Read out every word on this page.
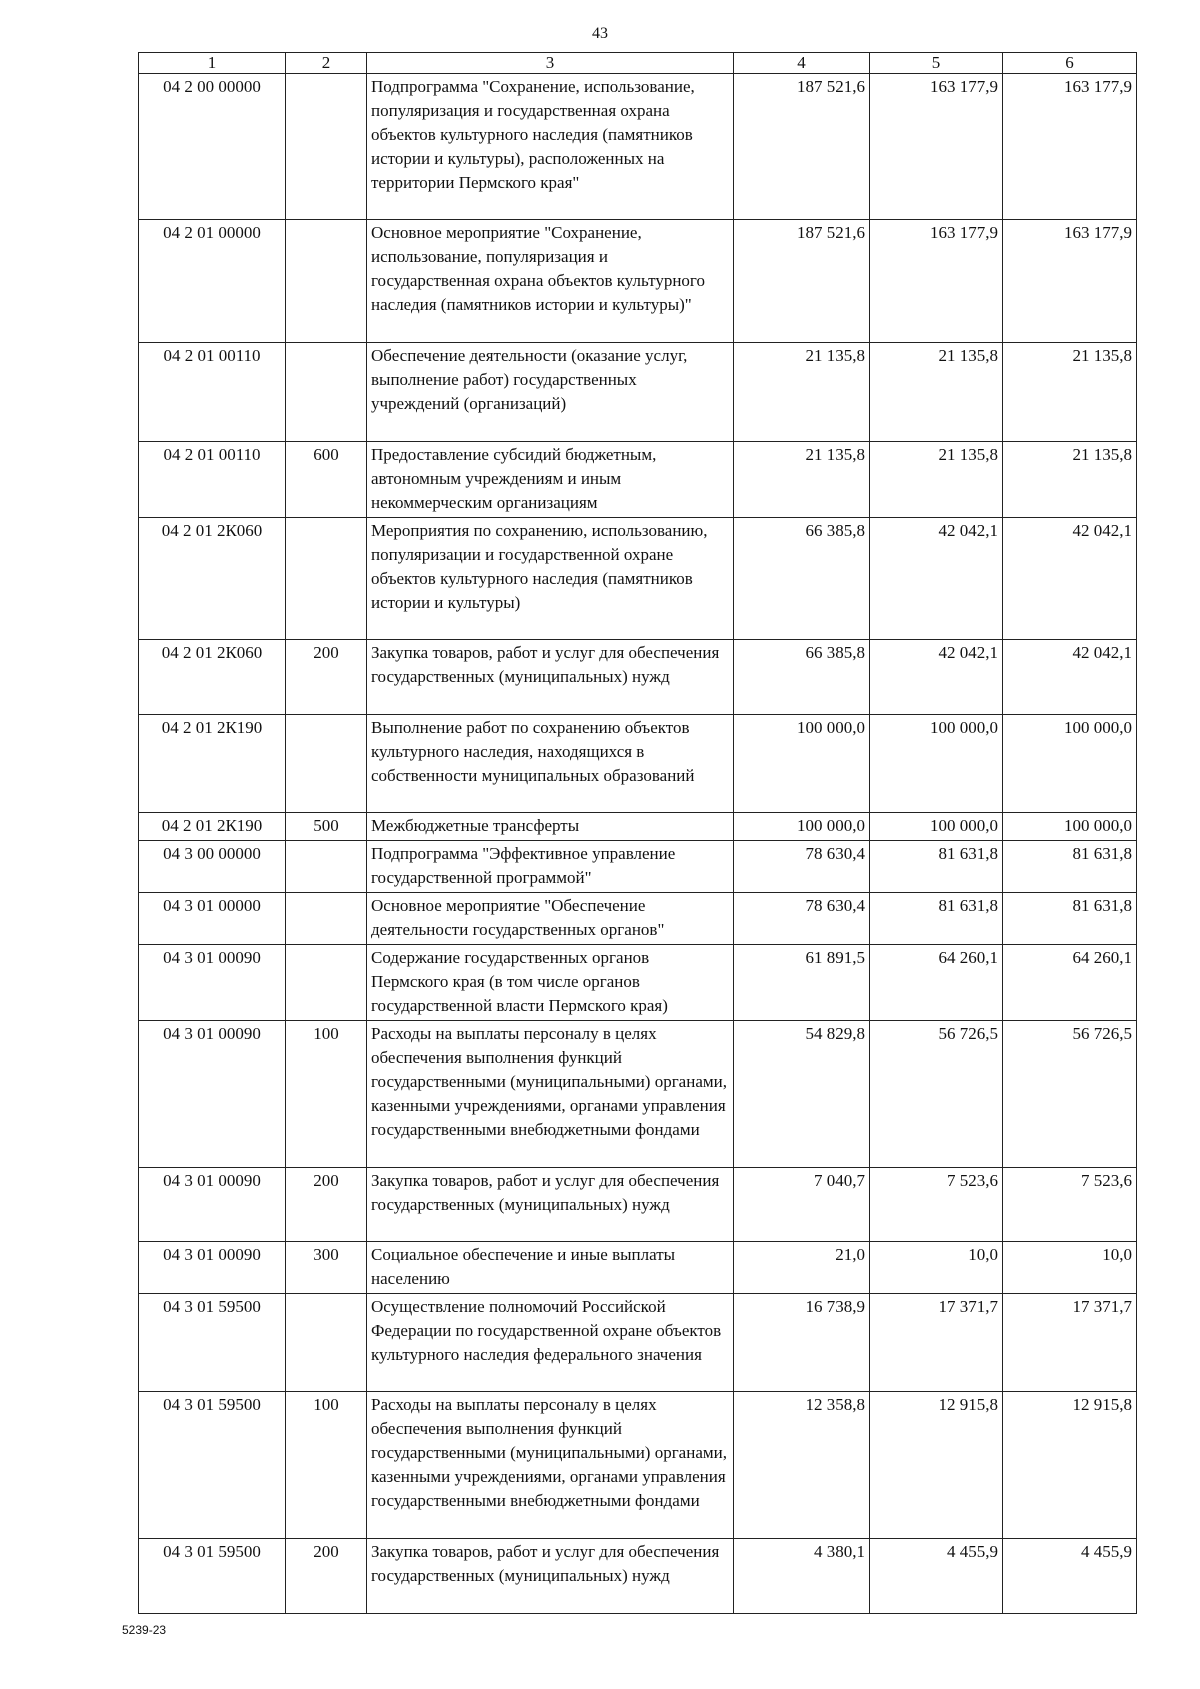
43
1	2	3	4	5	6
04 2 00 00000		Подпрограмма "Сохранение, использование, популяризация и государственная охрана объектов культурного наследия (памятников истории и культуры), расположенных на территории Пермского края"	187 521,6	163 177,9	163 177,9
04 2 01 00000		Основное мероприятие "Сохранение, использование, популяризация и государственная охрана объектов культурного наследия (памятников истории и культуры)"	187 521,6	163 177,9	163 177,9
04 2 01 00110		Обеспечение деятельности (оказание услуг, выполнение работ) государственных учреждений (организаций)	21 135,8	21 135,8	21 135,8
04 2 01 00110	600	Предоставление субсидий бюджетным, автономным учреждениям и иным некоммерческим организациям	21 135,8	21 135,8	21 135,8
04 2 01 2К060		Мероприятия по сохранению, использованию, популяризации и государственной охране объектов культурного наследия (памятников истории и культуры)	66 385,8	42 042,1	42 042,1
04 2 01 2К060	200	Закупка товаров, работ и услуг для обеспечения государственных (муниципальных) нужд	66 385,8	42 042,1	42 042,1
04 2 01 2К190		Выполнение работ по сохранению объектов культурного наследия, находящихся в собственности муниципальных образований	100 000,0	100 000,0	100 000,0
04 2 01 2К190	500	Межбюджетные трансферты	100 000,0	100 000,0	100 000,0
04 3 00 00000		Подпрограмма "Эффективное управление государственной программой"	78 630,4	81 631,8	81 631,8
04 3 01 00000		Основное мероприятие "Обеспечение деятельности государственных органов"	78 630,4	81 631,8	81 631,8
04 3 01 00090		Содержание государственных органов Пермского края (в том числе органов государственной власти Пермского края)	61 891,5	64 260,1	64 260,1
04 3 01 00090	100	Расходы на выплаты персоналу в целях обеспечения выполнения функций государственными (муниципальными) органами, казенными учреждениями, органами управления государственными внебюджетными фондами	54 829,8	56 726,5	56 726,5
04 3 01 00090	200	Закупка товаров, работ и услуг для обеспечения государственных (муниципальных) нужд	7 040,7	7 523,6	7 523,6
04 3 01 00090	300	Социальное обеспечение и иные выплаты населению	21,0	10,0	10,0
04 3 01 59500		Осуществление полномочий Российской Федерации по государственной охране объектов культурного наследия федерального значения	16 738,9	17 371,7	17 371,7
04 3 01 59500	100	Расходы на выплаты персоналу в целях обеспечения выполнения функций государственными (муниципальными) органами, казенными учреждениями, органами управления государственными внебюджетными фондами	12 358,8	12 915,8	12 915,8
04 3 01 59500	200	Закупка товаров, работ и услуг для обеспечения государственных (муниципальных) нужд	4 380,1	4 455,9	4 455,9
5239-23
